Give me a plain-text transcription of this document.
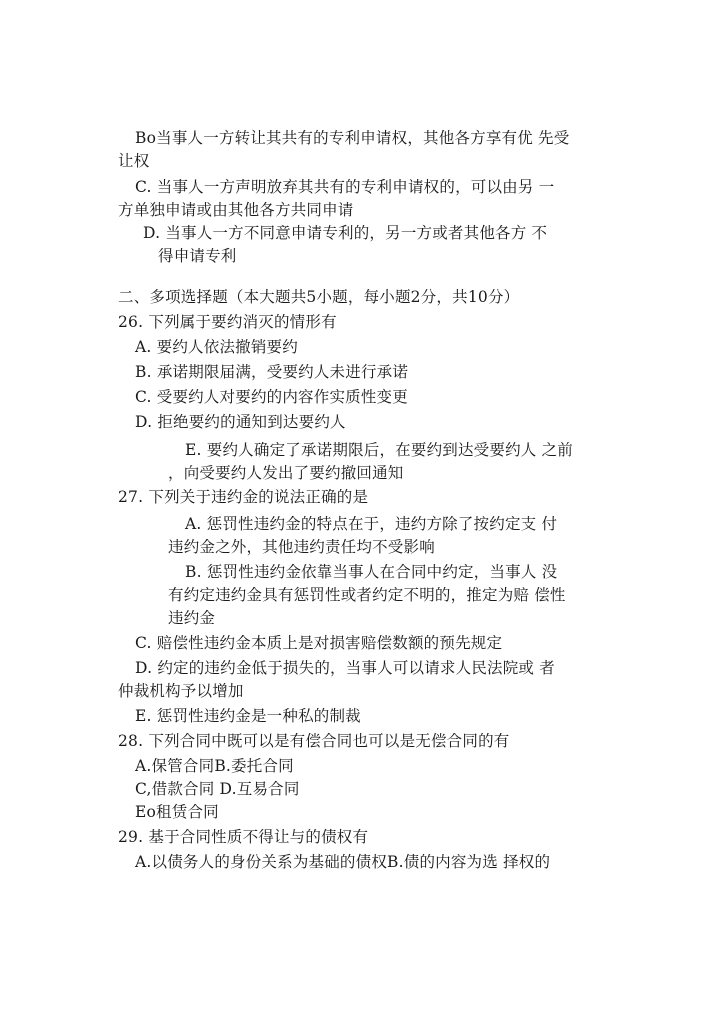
Bo当事人一方转让其共有的专利申请权，其他各方享有优 先受
让权
C. 当事人一方声明放弃其共有的专利申请权的，可以由另 一
方单独申请或由其他各方共同申请
D. 当事人一方不同意申请专利的，另一方或者其他各方 不
得申请专利
二、多项选择题（本大题共5小题，每小题2分，共10分）
26. 下列属于要约消灭的情形有
A. 要约人依法撤销要约
B. 承诺期限届满，受要约人未进行承诺
C. 受要约人对要约的内容作实质性变更
D. 拒绝要约的通知到达要约人
E. 要约人确定了承诺期限后，在要约到达受要约人 之前
，向受要约人发出了要约撤回通知
27. 下列关于违约金的说法正确的是
A. 惩罚性违约金的特点在于，违约方除了按约定支 付
违约金之外，其他违约责任均不受影响
B. 惩罚性违约金依靠当事人在合同中约定，当事人 没
有约定违约金具有惩罚性或者约定不明的，推定为赔 偿性
违约金
C. 赔偿性违约金本质上是对损害赔偿数额的预先规定
D. 约定的违约金低于损失的，当事人可以请求人民法院或 者
仲裁机构予以增加
E. 惩罚性违约金是一种私的制裁
28. 下列合同中既可以是有偿合同也可以是无偿合同的有
A.保管合同B.委托合同
C,借款合同 D.互易合同
Eo租赁合同
29. 基于合同性质不得让与的债权有
A.以债务人的身份关系为基础的债权B.债的内容为选 择权的
